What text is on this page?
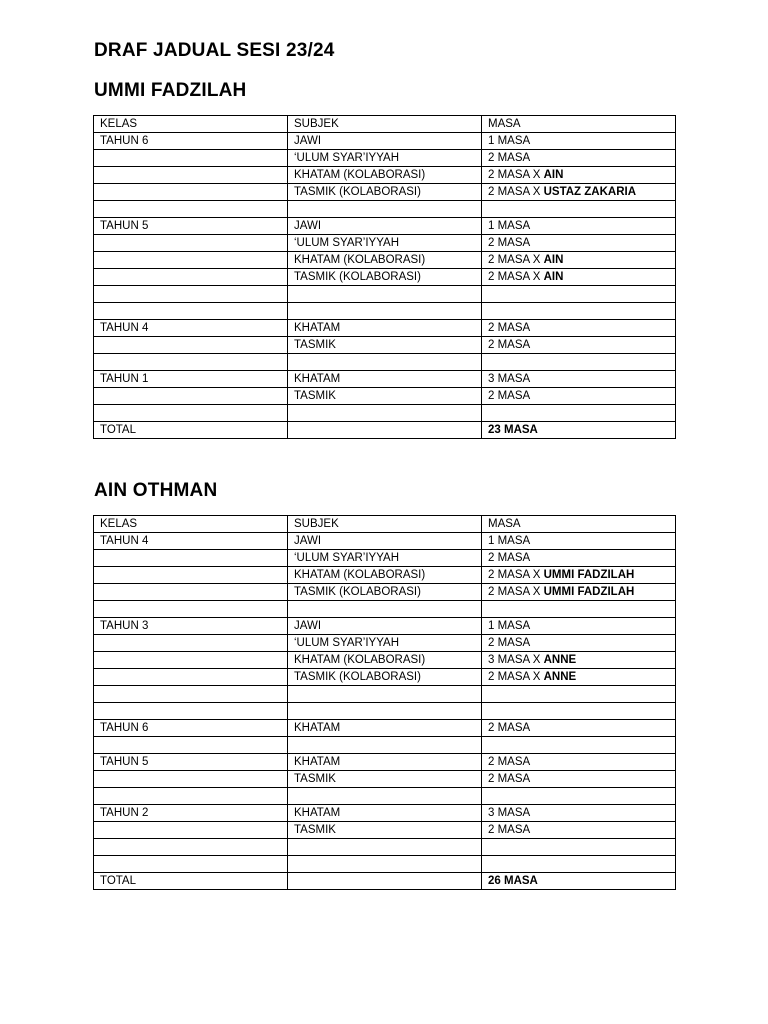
DRAF JADUAL SESI 23/24
UMMI FADZILAH
KELAS	SUBJEK	MASA
TAHUN 6	JAWI	1 MASA
	‘ULUM SYAR’IYYAH	2 MASA
	KHATAM (KOLABORASI)	2 MASA X AIN
	TASMIK (KOLABORASI)	2 MASA X USTAZ ZAKARIA

TAHUN 5	JAWI	1 MASA
	‘ULUM SYAR’IYYAH	2 MASA
	KHATAM (KOLABORASI)	2 MASA X AIN
	TASMIK (KOLABORASI)	2 MASA X AIN

TAHUN 4	KHATAM	2 MASA
	TASMIK	2 MASA

TAHUN 1	KHATAM	3 MASA
	TASMIK	2 MASA

TOTAL		23 MASA
AIN OTHMAN
KELAS	SUBJEK	MASA
TAHUN 4	JAWI	1 MASA
	‘ULUM SYAR’IYYAH	2 MASA
	KHATAM (KOLABORASI)	2 MASA X UMMI FADZILAH
	TASMIK (KOLABORASI)	2 MASA X UMMI FADZILAH

TAHUN 3	JAWI	1 MASA
	‘ULUM SYAR’IYYAH	2 MASA
	KHATAM (KOLABORASI)	3 MASA X ANNE
	TASMIK (KOLABORASI)	2 MASA X ANNE

TAHUN 6	KHATAM	2 MASA

TAHUN 5	KHATAM	2 MASA
	TASMIK	2 MASA

TAHUN 2	KHATAM	3 MASA
	TASMIK	2 MASA

TOTAL		26 MASA
